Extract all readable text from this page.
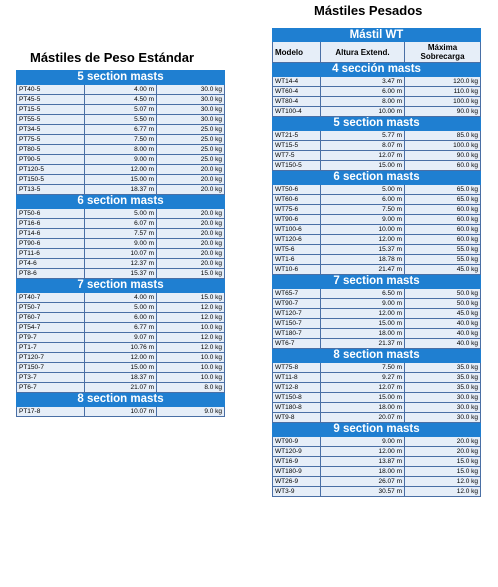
Mástiles de Peso Estándar
5 section masts		
PT40-5	4.00 m	30.0 kg
PT45-5	4.50 m	30.0 kg
PT15-5	5.07 m	30.0 kg
PT55-5	5.50 m	30.0 kg
PT34-5	6.77 m	25.0 kg
PT75-5	7.50 m	25.0 kg
PT80-5	8.00 m	25.0 kg
PT90-5	9.00 m	25.0 kg
PT120-5	12.00 m	20.0 kg
PT150-5	15.00 m	20.0 kg
PT13-5	18.37 m	20.0 kg
6 section masts		
PT50-6	5.00 m	20.0 kg
PT16-6	6.07 m	20.0 kg
PT14-6	7.57 m	20.0 kg
PT90-6	9.00 m	20.0 kg
PT11-6	10.07 m	20.0 kg
PT4-6	12.37 m	20.0 kg
PT8-6	15.37 m	15.0 kg
7 section masts		
PT40-7	4.00 m	15.0 kg
PT50-7	5.00 m	12.0 kg
PT60-7	6.00 m	12.0 kg
PT54-7	6.77 m	10.0 kg
PT9-7	9.07 m	12.0 kg
PT1-7	10.76 m	12.0 kg
PT120-7	12.00 m	10.0 kg
PT150-7	15.00 m	10.0 kg
PT3-7	18.37 m	10.0 kg
PT6-7	21.07 m	8.0 kg
8 section masts		
PT17-8	10.07 m	9.0 kg
Mástiles Pesados
Mástil WT		
Modelo	Altura Extend.	Máxima Sobrecarga
4 sección masts		
WT14-4	3.47 m	120.0 kg
WT60-4	6.00 m	110.0 kg
WT80-4	8.00 m	100.0 kg
WT100-4	10.00 m	90.0 kg
5 section masts		
WT21-5	5.77 m	85.0 kg
WT15-5	8.07 m	100.0 kg
WT7-5	12.07 m	90.0 kg
WT150-5	15.00 m	60.0 kg
6 section masts		
WT50-6	5.00 m	65.0 kg
WT60-6	6.00 m	65.0 kg
WT75-6	7.50 m	60.0 kg
WT90-6	9.00 m	60.0 kg
WT100-6	10.00 m	60.0 kg
WT120-6	12.00 m	60.0 kg
WT5-6	15.37 m	55.0 kg
WT1-6	18.78 m	55.0 kg
WT10-6	21.47 m	45.0 kg
7 section masts		
WT65-7	6.50 m	50.0 kg
WT90-7	9.00 m	50.0 kg
WT120-7	12.00 m	45.0 kg
WT150-7	15.00 m	40.0 kg
WT180-7	18.00 m	40.0 kg
WT6-7	21.37 m	40.0 kg
8 section masts		
WT75-8	7.50 m	35.0 kg
WT11-8	9.27 m	35.0 kg
WT12-8	12.07 m	35.0 kg
WT150-8	15.00 m	30.0 kg
WT180-8	18.00 m	30.0 kg
WT9-8	20.07 m	30.0 kg
9 section masts		
WT90-9	9.00 m	20.0 kg
WT120-9	12.00 m	20.0 kg
WT16-9	13.87 m	15.0 kg
WT180-9	18.00 m	15.0 kg
WT26-9	26.07 m	12.0 kg
WT3-9	30.57 m	12.0 kg
